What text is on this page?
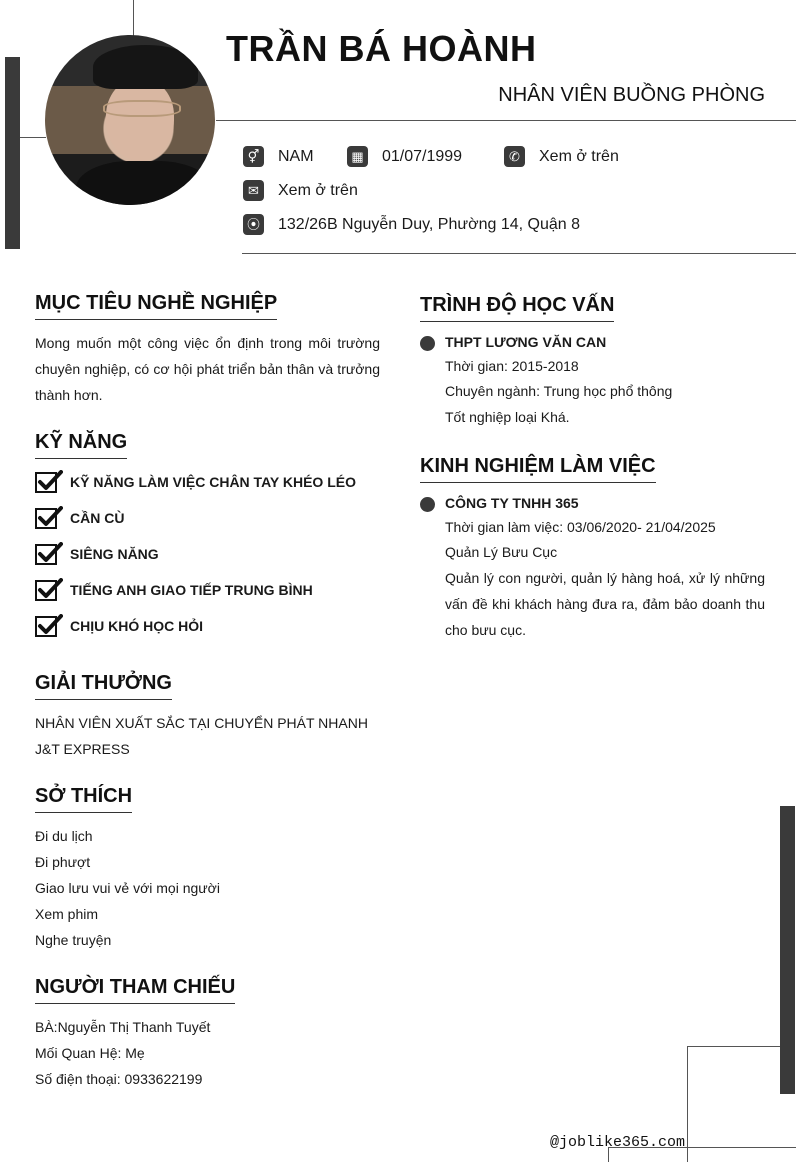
TRẦN BÁ HOÀNH
NHÂN VIÊN BUỒNG PHÒNG
⚥ NAM	▦ 01/07/1999	✆	Xem ở trên
✉	Xem ở trên
⦿ 132/26B Nguyễn Duy, Phường 14, Quận 8
MỤC TIÊU NGHỀ NGHIỆP
Mong muốn một công việc ổn định trong môi trường chuyên nghiệp, có cơ hội phát triển bản thân và trưởng thành hơn.
KỸ NĂNG
KỸ NĂNG LÀM VIỆC CHÂN TAY KHÉO LÉO
CẦN CÙ
SIÊNG NĂNG
TIẾNG ANH GIAO TIẾP TRUNG BÌNH
CHỊU KHÓ HỌC HỎI
GIẢI THƯỞNG
NHÂN VIÊN XUẤT SẮC TẠI CHUYỂN PHÁT NHANH J&T EXPRESS
SỞ THÍCH
Đi du lịch
Đi phượt
Giao lưu vui vẻ với mọi người
Xem phim
Nghe truyện
NGƯỜI THAM CHIẾU
BÀ:Nguyễn Thị Thanh Tuyết
Mối Quan Hệ: Mẹ
Số điện thoại: 0933622199
TRÌNH ĐỘ HỌC VẤN
THPT LƯƠNG VĂN CAN
Thời gian: 2015-2018
Chuyên ngành: Trung học phổ thông
Tốt nghiệp loại Khá.
KINH NGHIỆM LÀM VIỆC
CÔNG TY TNHH 365
Thời gian làm việc: 03/06/2020- 21/04/2025
Quản Lý Bưu Cục
Quản lý con người, quản lý hàng hoá, xử lý những vấn đề khi khách hàng đưa ra, đảm bảo doanh thu cho bưu cục.
@joblike365.com
